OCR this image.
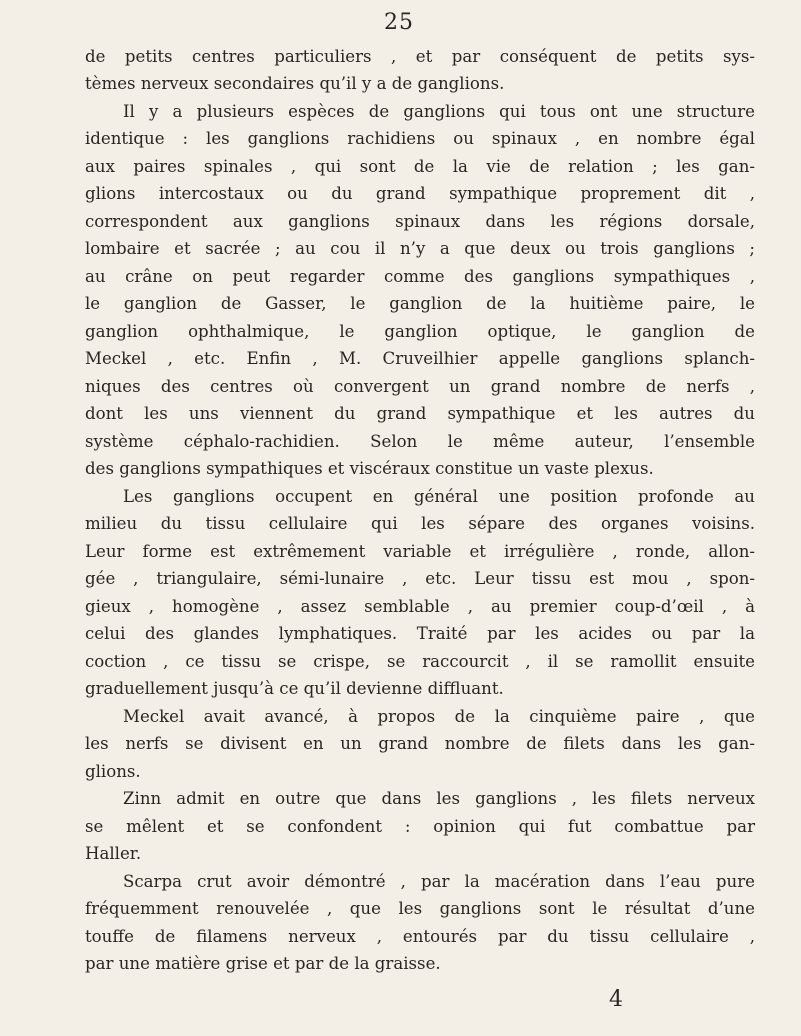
25
de petits centres particuliers , et par conséquent de petits sys-
tèmes nerveux secondaires qu’il y a de ganglions.
Il y a plusieurs espèces de ganglions qui tous ont une structure
identique : les ganglions rachidiens ou spinaux , en nombre égal
aux paires spinales , qui sont de la vie de relation ; les gan-
glions intercostaux ou du grand sympathique proprement dit ,
correspondent aux ganglions spinaux dans les régions dorsale,
lombaire et sacrée ; au cou il n’y a que deux ou trois ganglions ;
au crâne on peut regarder comme des ganglions sympathiques ,
le ganglion de Gasser, le ganglion de la huitième paire, le
ganglion ophthalmique, le ganglion optique, le ganglion de
Meckel , etc. Enfin , M. Cruveilhier appelle ganglions splanch-
niques des centres où convergent un grand nombre de nerfs ,
dont les uns viennent du grand sympathique et les autres du
système céphalo-rachidien. Selon le même auteur, l’ensemble
des ganglions sympathiques et viscéraux constitue un vaste plexus.
Les ganglions occupent en général une position profonde au
milieu du tissu cellulaire qui les sépare des organes voisins.
Leur forme est extrêmement variable et irrégulière , ronde, allon-
gée , triangulaire, sémi-lunaire , etc. Leur tissu est mou , spon-
gieux , homogène , assez semblable , au premier coup-d’œil , à
celui des glandes lymphatiques. Traité par les acides ou par la
coction , ce tissu se crispe, se raccourcit , il se ramollit ensuite
graduellement jusqu’à ce qu’il devienne diffluant.
Meckel avait avancé, à propos de la cinquième paire , que
les nerfs se divisent en un grand nombre de filets dans les gan-
glions.
Zinn admit en outre que dans les ganglions , les filets nerveux
se mêlent et se confondent : opinion qui fut combattue par
Haller.
Scarpa crut avoir démontré , par la macération dans l’eau pure
fréquemment renouvelée , que les ganglions sont le résultat d’une
touffe de filamens nerveux , entourés par du tissu cellulaire ,
par une matière grise et par de la graisse.
4
